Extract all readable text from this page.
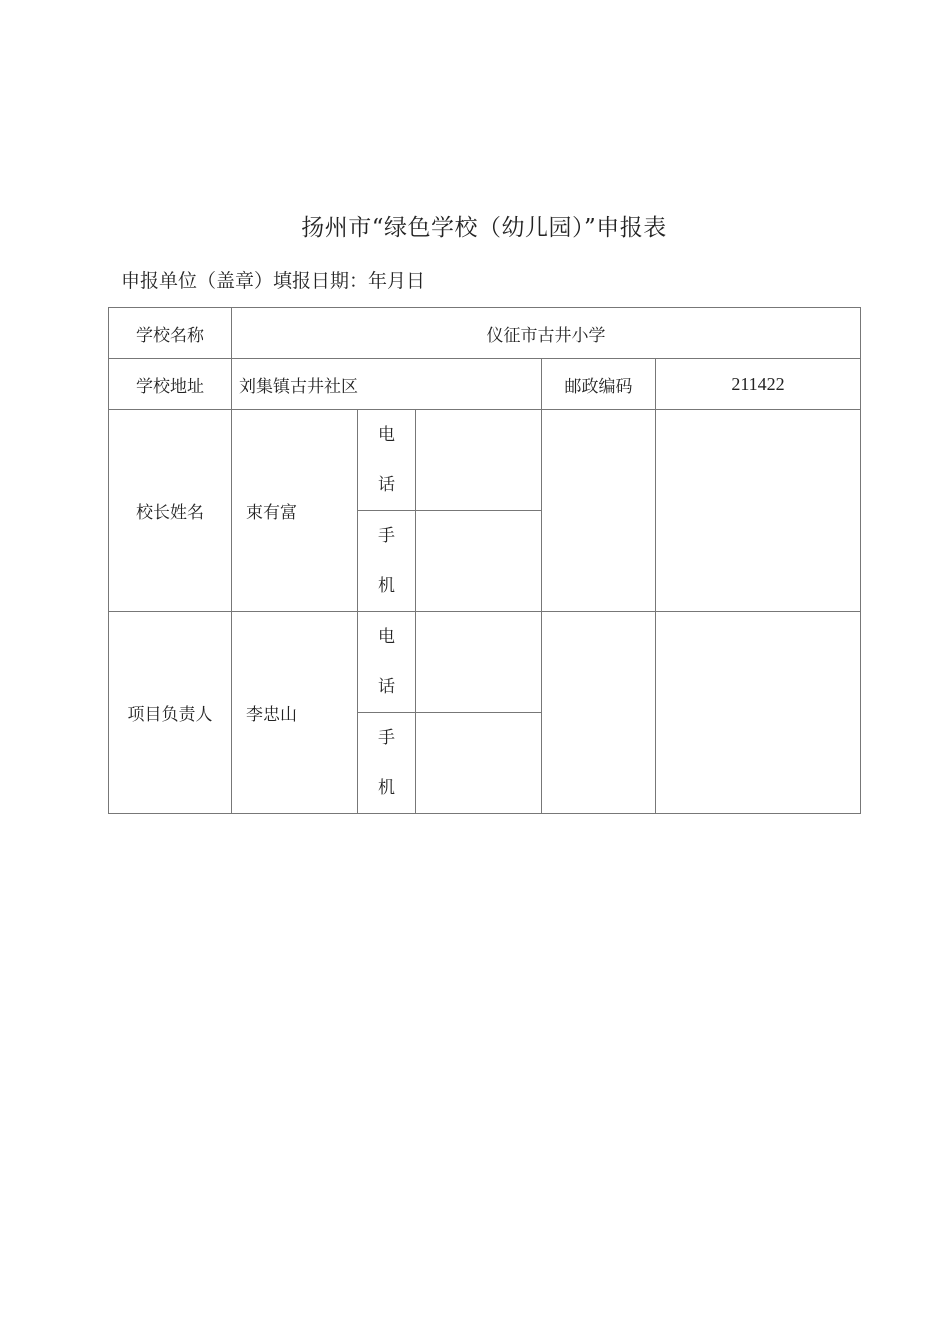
扬州市“绿色学校（幼儿园）”申报表
申报单位（盖章）填报日期：年月日
学校名称	仪征市古井小学				
学校地址	刘集镇古井社区			邮政编码	211422
校长姓名	束有富	电
话			

		手
机			

项目负责人	李忠山	电
话			

		手
机			
